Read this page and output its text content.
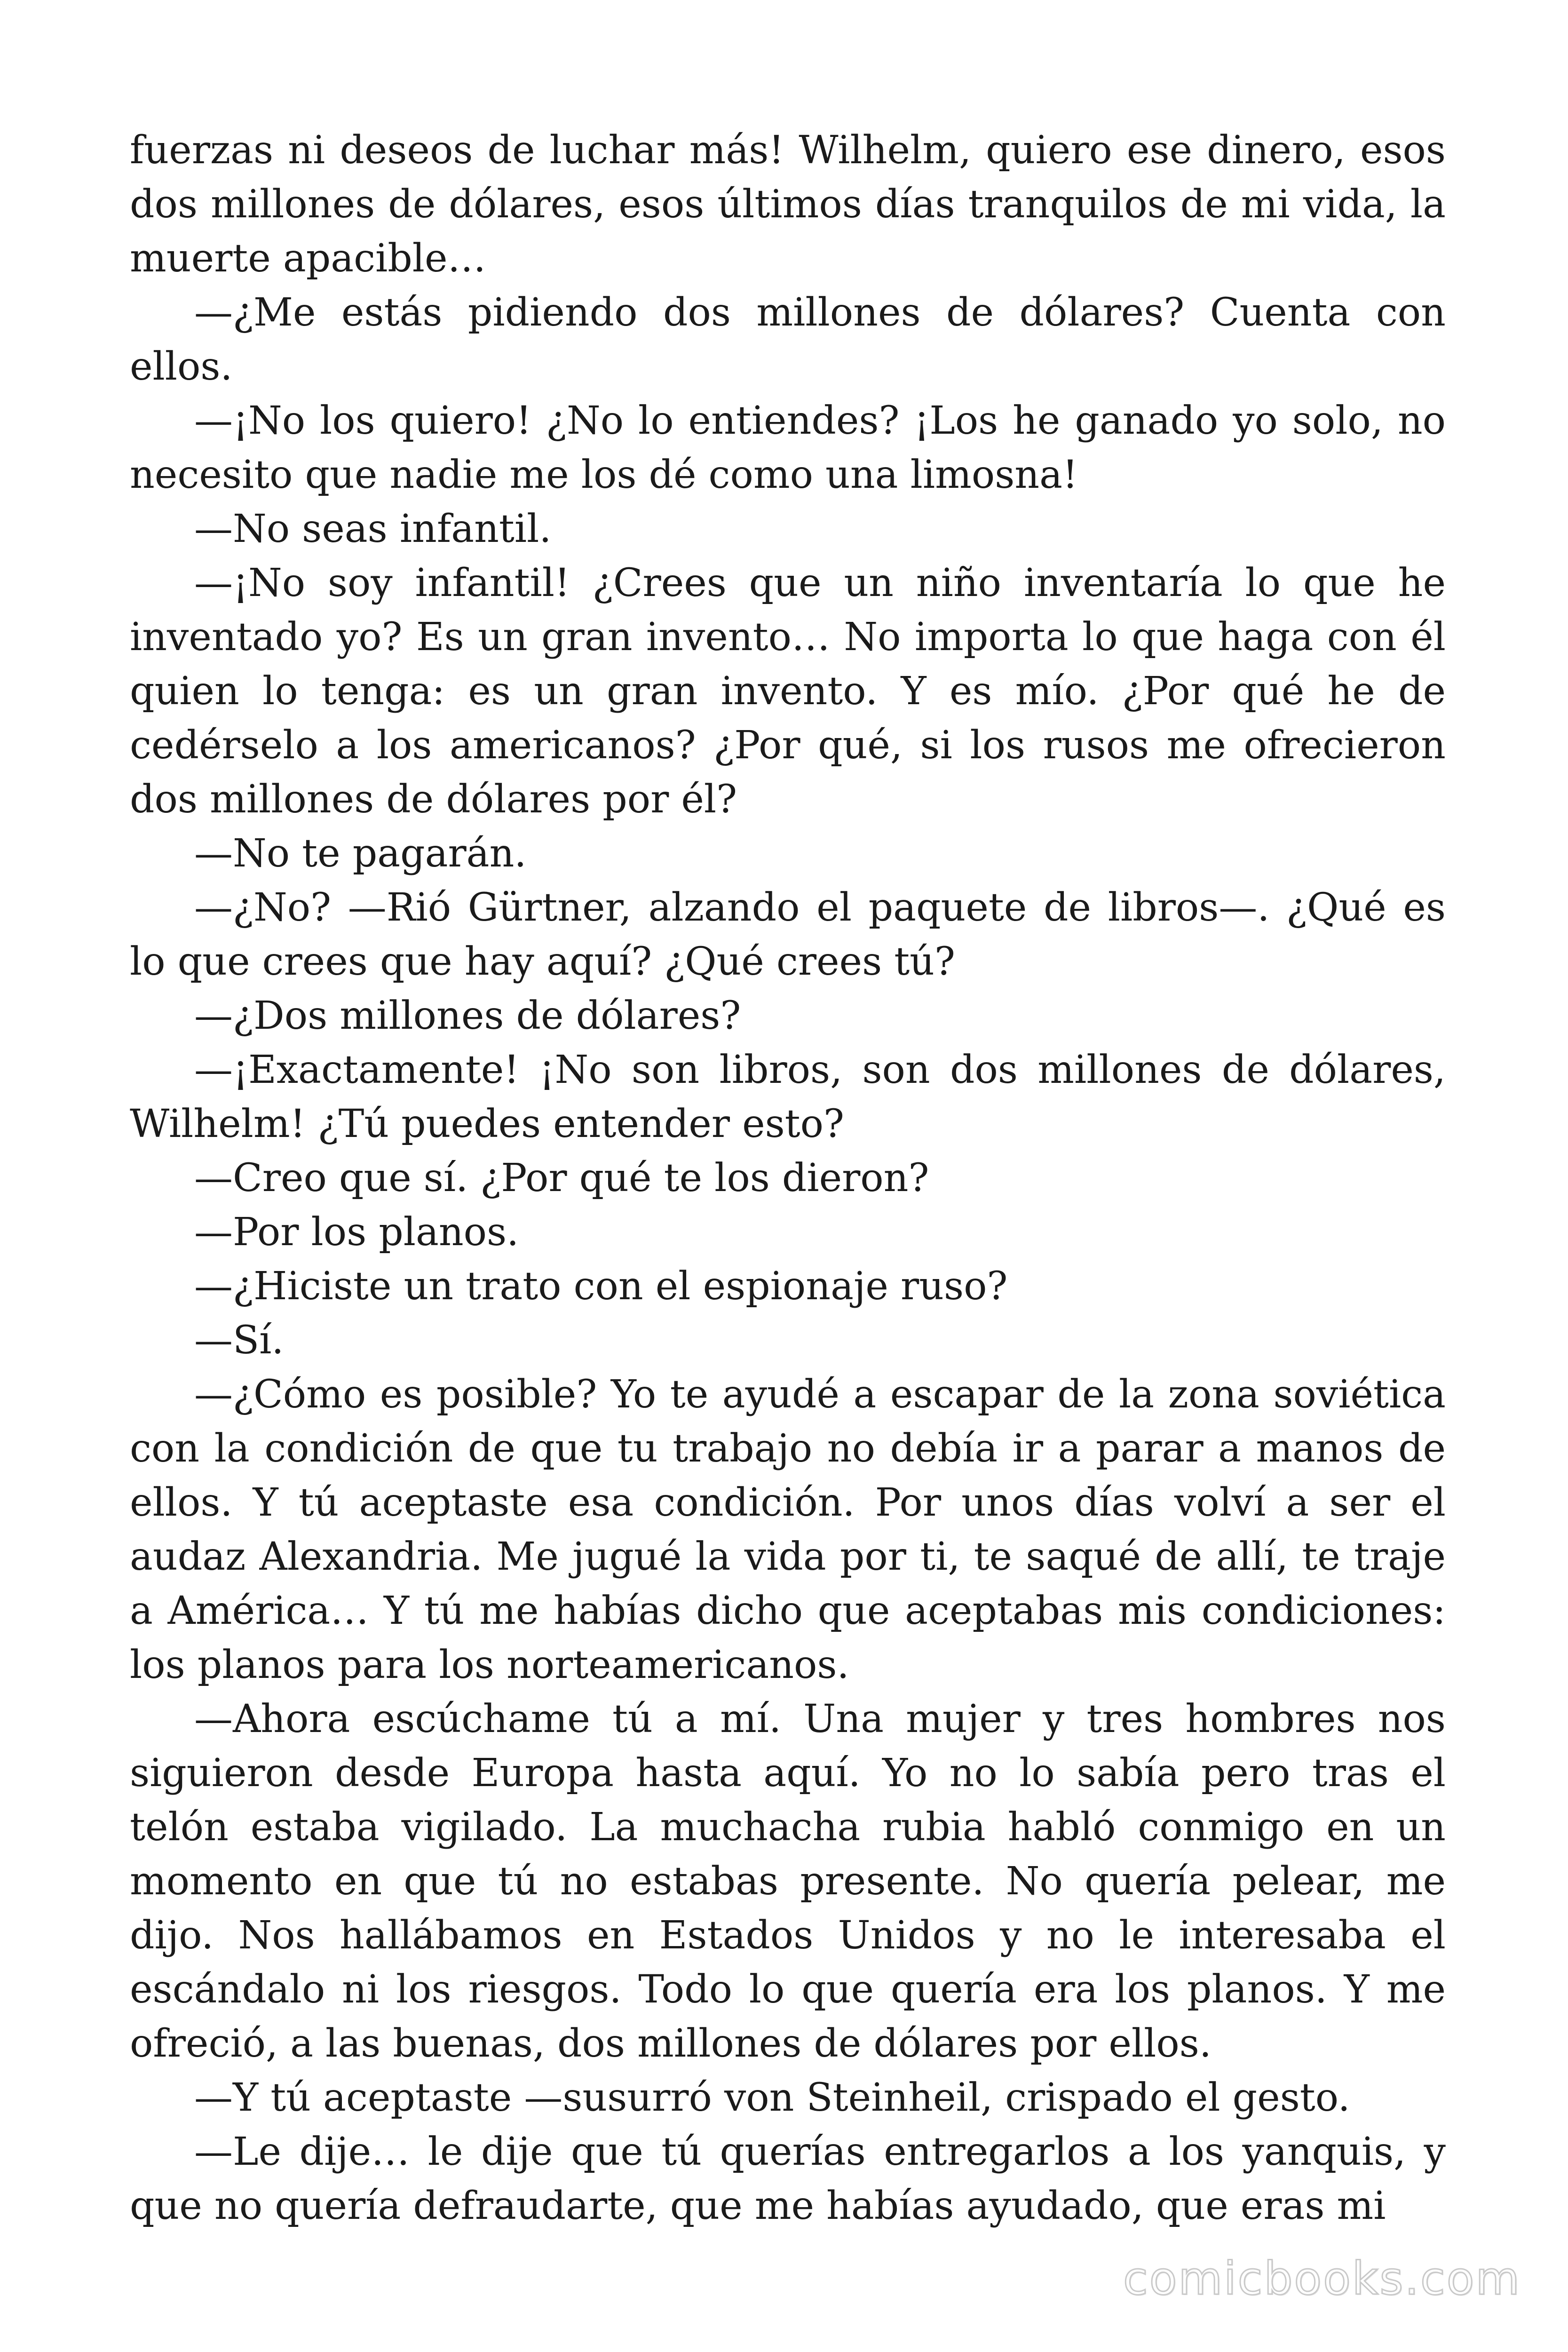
fuerzas ni deseos de luchar más! Wilhelm, quiero ese dinero, esos dos millones de dólares, esos últimos días tranquilos de mi vida, la muerte apacible…

—¿Me estás pidiendo dos millones de dólares? Cuenta con ellos.

—¡No los quiero! ¿No lo entiendes? ¡Los he ganado yo solo, no necesito que nadie me los dé como una limosna!

—No seas infantil.

—¡No soy infantil! ¿Crees que un niño inventaría lo que he inventado yo? Es un gran invento… No importa lo que haga con él quien lo tenga: es un gran invento. Y es mío. ¿Por qué he de cedérselo a los americanos? ¿Por qué, si los rusos me ofrecieron dos millones de dólares por él?

—No te pagarán.

—¿No? —Rió Gürtner, alzando el paquete de libros—. ¿Qué es lo que crees que hay aquí? ¿Qué crees tú?

—¿Dos millones de dólares?

—¡Exactamente! ¡No son libros, son dos millones de dólares, Wilhelm! ¿Tú puedes entender esto?

—Creo que sí. ¿Por qué te los dieron?

—Por los planos.

—¿Hiciste un trato con el espionaje ruso?

—Sí.

—¿Cómo es posible? Yo te ayudé a escapar de la zona soviética con la condición de que tu trabajo no debía ir a parar a manos de ellos. Y tú aceptaste esa condición. Por unos días volví a ser el audaz Alexandria. Me jugué la vida por ti, te saqué de allí, te traje a América… Y tú me habías dicho que aceptabas mis condiciones: los planos para los norteamericanos.

—Ahora escúchame tú a mí. Una mujer y tres hombres nos siguieron desde Europa hasta aquí. Yo no lo sabía pero tras el telón estaba vigilado. La muchacha rubia habló conmigo en un momento en que tú no estabas presente. No quería pelear, me dijo. Nos hallábamos en Estados Unidos y no le interesaba el escándalo ni los riesgos. Todo lo que quería era los planos. Y me ofreció, a las buenas, dos millones de dólares por ellos.

—Y tú aceptaste —susurró von Steinheil, crispado el gesto.

—Le dije… le dije que tú querías entregarlos a los yanquis, y que no quería defraudarte, que me habías ayudado, que eras mi

comicbooks.com
